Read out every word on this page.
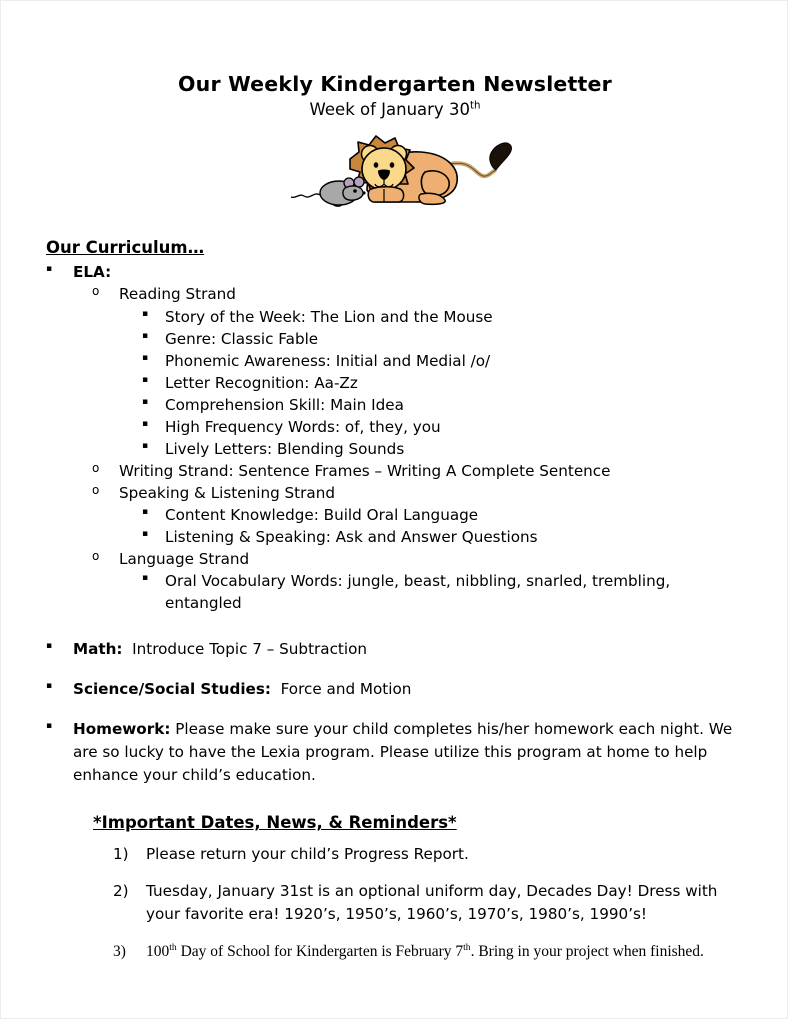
Our Weekly Kindergarten Newsletter
Week of January 30th
Our Curriculum…
▪	ELA:
o	Reading Strand
▪	Story of the Week: The Lion and the Mouse
▪	Genre: Classic Fable
▪	Phonemic Awareness: Initial and Medial /o/
▪	Letter Recognition: Aa-Zz
▪	Comprehension Skill: Main Idea
▪	High Frequency Words: of, they, you
▪	Lively Letters: Blending Sounds
o	Writing Strand: Sentence Frames – Writing A Complete Sentence
o	Speaking & Listening Strand
▪	Content Knowledge: Build Oral Language
▪	Listening & Speaking: Ask and Answer Questions
o	Language Strand
▪	Oral Vocabulary Words: jungle, beast, nibbling, snarled, trembling, entangled
▪	Math: Introduce Topic 7 – Subtraction
▪	Science/Social Studies: Force and Motion
▪	Homework: Please make sure your child completes his/her homework each night. We are so lucky to have the Lexia program. Please utilize this program at home to help enhance your child’s education.
*Important Dates, News, & Reminders*
1) Please return your child’s Progress Report.
2) Tuesday, January 31st is an optional uniform day, Decades Day! Dress with your favorite era! 1920’s, 1950’s, 1960’s, 1970’s, 1980’s, 1990’s!
3) 100th Day of School for Kindergarten is February 7th. Bring in your project when finished.
